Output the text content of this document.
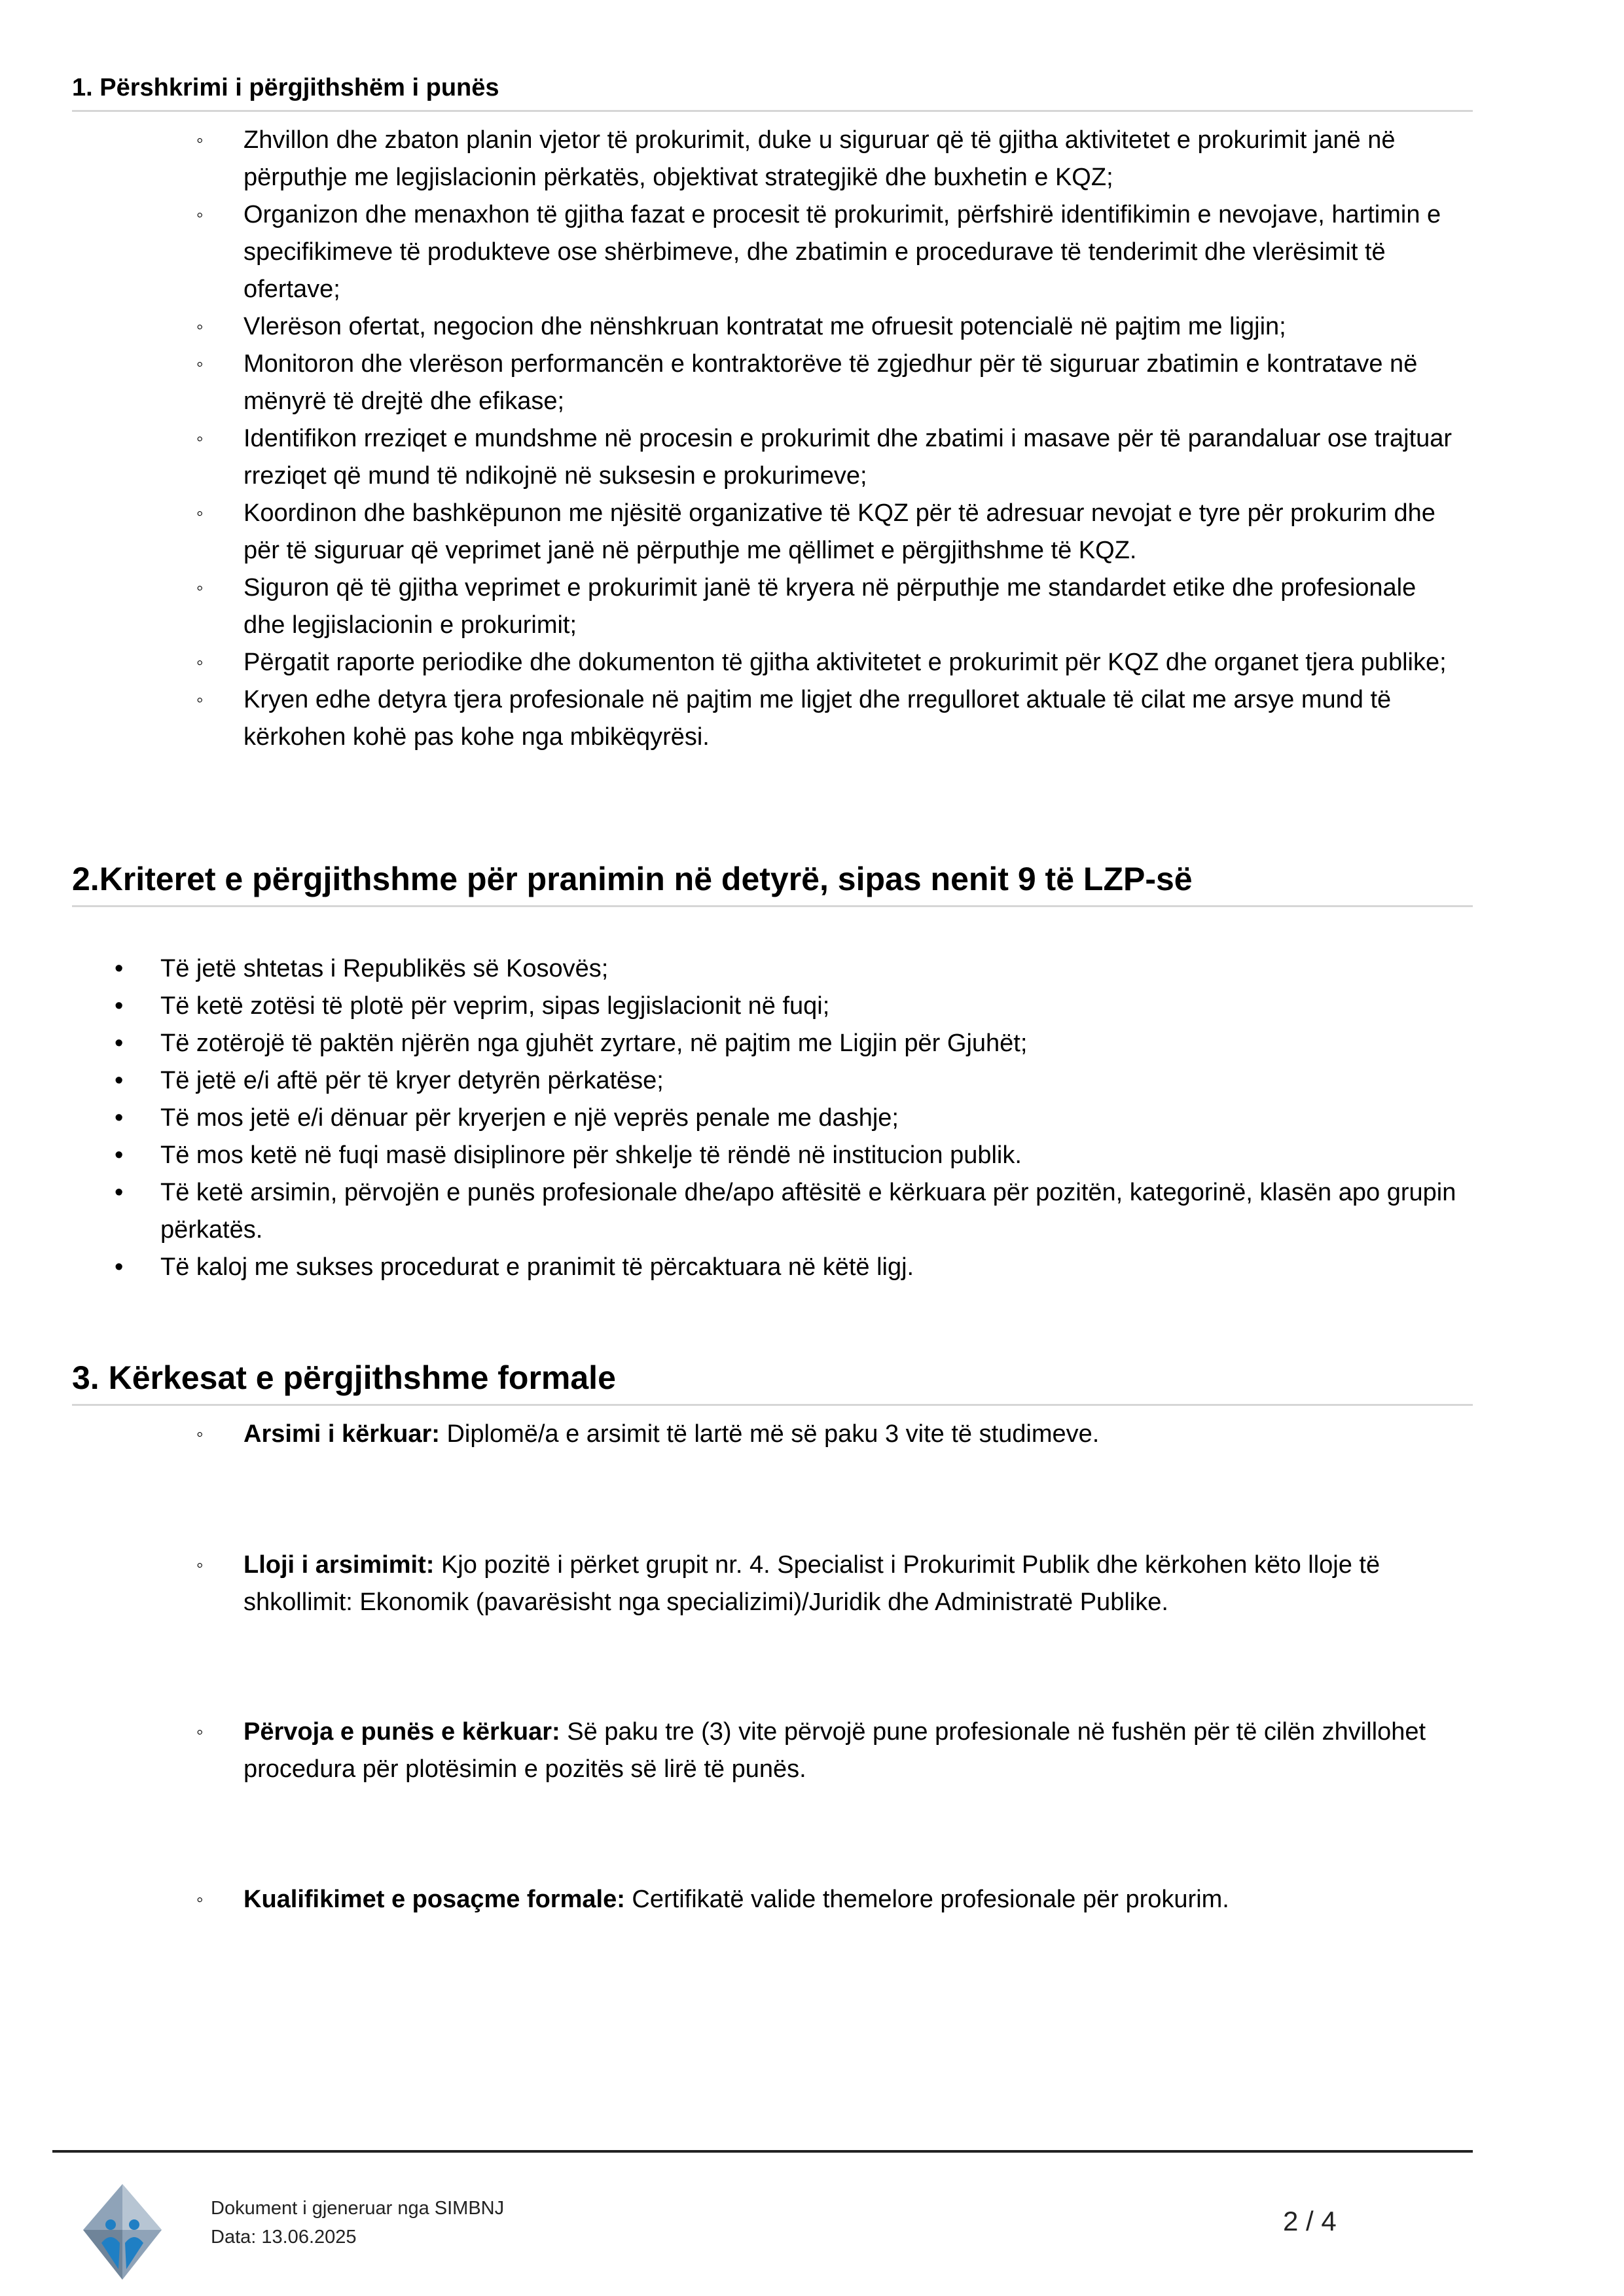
1. Përshkrimi i përgjithshëm i punës
◦ Zhvillon dhe zbaton planin vjetor të prokurimit, duke u siguruar që të gjitha aktivitetet e prokurimit janë në përputhje me legjislacionin përkatës, objektivat strategjikë dhe buxhetin e KQZ;
◦ Organizon dhe menaxhon të gjitha fazat e procesit të prokurimit, përfshirë identifikimin e nevojave, hartimin e specifikimeve të produkteve ose shërbimeve, dhe zbatimin e procedurave të tenderimit dhe vlerësimit të ofertave;
◦ Vlerëson ofertat, negocion dhe nënshkruan kontratat me ofruesit potencialë në pajtim me ligjin;
◦ Monitoron dhe vlerëson performancën e kontraktorëve të zgjedhur për të siguruar zbatimin e kontratave në mënyrë të drejtë dhe efikase;
◦ Identifikon rreziqet e mundshme në procesin e prokurimit dhe zbatimi i masave për të parandaluar ose trajtuar rreziqet që mund të ndikojnë në suksesin e prokurimeve;
◦ Koordinon dhe bashkëpunon me njësitë organizative të KQZ për të adresuar nevojat e tyre për prokurim dhe për të siguruar që veprimet janë në përputhje me qëllimet e përgjithshme të KQZ.
◦ Siguron që të gjitha veprimet e prokurimit janë të kryera në përputhje me standardet etike dhe profesionale dhe legjislacionin e prokurimit;
◦ Përgatit raporte periodike dhe dokumenton të gjitha aktivitetet e prokurimit për KQZ dhe organet tjera publike;
◦ Kryen edhe detyra tjera profesionale në pajtim me ligjet dhe rregulloret aktuale të cilat me arsye mund të kërkohen kohë pas kohe nga mbikëqyrësi.
2.Kriteret e përgjithshme për pranimin në detyrë, sipas nenit 9 të LZP-së
• Të jetë shtetas i Republikës së Kosovës;
• Të ketë zotësi të plotë për veprim, sipas legjislacionit në fuqi;
• Të zotërojë të paktën njërën nga gjuhët zyrtare, në pajtim me Ligjin për Gjuhët;
• Të jetë e/i aftë për të kryer detyrën përkatëse;
• Të mos jetë e/i dënuar për kryerjen e një veprës penale me dashje;
• Të mos ketë në fuqi masë disiplinore për shkelje të rëndë në institucion publik.
• Të ketë arsimin, përvojën e punës profesionale dhe/apo aftësitë e kërkuara për pozitën, kategorinë, klasën apo grupin përkatës.
• Të kaloj me sukses procedurat e pranimit të përcaktuara në këtë ligj.
3. Kërkesat e përgjithshme formale
◦ Arsimi i kërkuar: Diplomë/a e arsimit të lartë më së paku 3 vite të studimeve.
◦ Lloji i arsimimit: Kjo pozitë i përket grupit nr. 4. Specialist i Prokurimit Publik dhe kërkohen këto lloje të shkollimit: Ekonomik (pavarësisht nga specializimi)/Juridik dhe Administratë Publike.
◦ Përvoja e punës e kërkuar: Së paku tre (3) vite përvojë pune profesionale në fushën për të cilën zhvillohet procedura për plotësimin e pozitës së lirë të punës.
◦ Kualifikimet e posaçme formale: Certifikatë valide themelore profesionale për prokurim.
Dokument i gjeneruar nga SIMBNJ
Data: 13.06.2025
2 / 4
